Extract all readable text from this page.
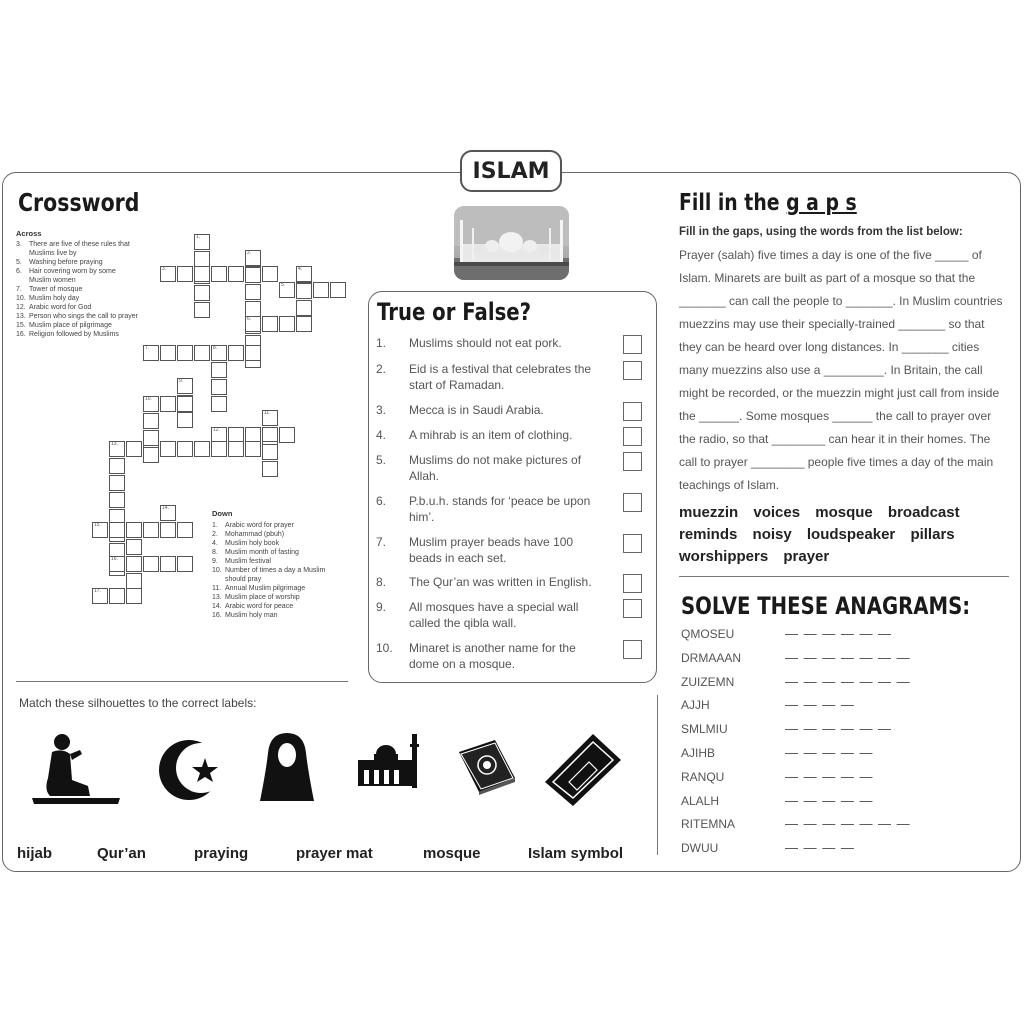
ISLAM
Crossword
Across
3.	There are five of these rules that Muslims live by
5.	Washing before praying
6.	Hair covering worn by some Muslim women
7.	Tower of mosque
10. Muslim holy day
12. Arabic word for God
13. Person who sings the call to prayer
15. Muslim place of pilgrimage
16. Religion followed by Muslims
Down
1.	Arabic word for prayer
2.	Mohammad (pbuh)
4.	Muslim holy book
8.	Muslim month of fasting
9.	Muslim festival
10. Number of times a day a Muslim should pray
11. Annual Muslim pilgrimage
13. Muslim place of worship
14. Arabic word for peace
16. Muslim holy man
1.
2.
3.	4.
5.
6.
7.	8.
9.
10.
11.
12.
13.
14.
15.
16.
17.
True or False?
1. Muslims should not eat pork.
2. Eid is a festival that celebrates the start of Ramadan.
3. Mecca is in Saudi Arabia.
4. A mihrab is an item of clothing.
5. Muslims do not make pictures of Allah.
6. P.b.u.h. stands for ‘peace be upon him’.
7. Muslim prayer beads have 100 beads in each set.
8. The Qur’an was written in English.
9. All mosques have a special wall called the qibla wall.
10. Minaret is another name for the dome on a mosque.
Fill in the g a p s
Fill in the gaps, using the words from the list below:
Prayer (salah) five times a day is one of the five _____ of Islam. Minarets are built as part of a mosque so that the _______ can call the people to _______. In Muslim countries muezzins may use their specially-trained _______ so that they can be heard over long distances. In _______ cities many muezzins also use a _________. In Britain, the call might be recorded, or the muezzin might just call from inside the ______. Some mosques ______ the call to prayer over the radio, so that ________ can hear it in their homes. The call to prayer ________ people five times a day of the main teachings of Islam.
muezzin voices mosque broadcast reminds noisy loudspeaker pillars worshippers prayer
SOLVE THESE ANAGRAMS:
QMOSEU	— — — — — —
DRMAAAN	— — — — — — —
ZUIZEMN	— — — — — — —
AJJH	— — — —
SMLMIU	— — — — — —
AJIHB	— — — — —
RANQU	— — — — —
ALALH	— — — — —
RITEMNA	— — — — — — —
DWUU	— — — —
Match these silhouettes to the correct labels:
hijab	Qur’an	praying	prayer mat	mosque	Islam symbol
